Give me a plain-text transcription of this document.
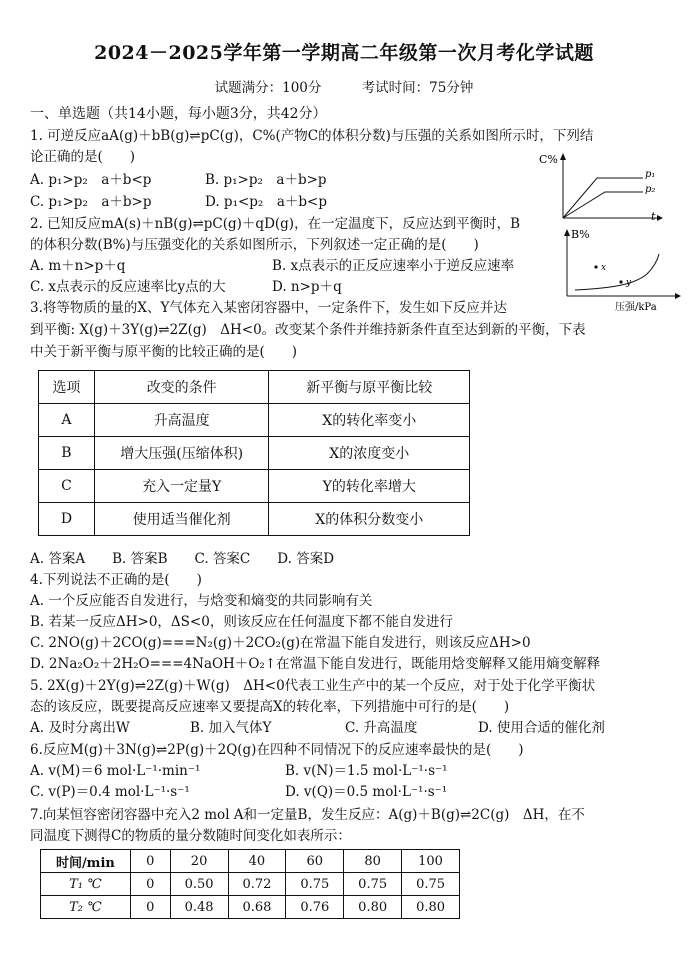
2024－2025学年第一学期高二年级第一次月考化学试题
试题满分：100分	考试时间：75分钟
一、单选题（共14小题，每小题3分，共42分）
1. 可逆反应aA(g)＋bB(g)⇌pC(g)，C%(产物C的体积分数)与压强的关系如图所示时，下列结
论正确的是(　　)
A. p₁>p₂　a＋b<p	B. p₁>p₂　a＋b>p
C. p₁>p₂　a＋b>p	D. p₁<p₂　a＋b<p
C%
t
p₁
p₂
2. 已知反应mA(s)＋nB(g)⇌pC(g)＋qD(g)，在一定温度下，反应达到平衡时，B
的体积分数(B%)与压强变化的关系如图所示，下列叙述一定正确的是(　　)
A. m＋n>p＋q	B. x点表示的正反应速率小于逆反应速率
C. x点表示的反应速率比y点的大	D. n>p＋q
B%
压强/kPa
x
y
3.将等物质的量的X、Y气体充入某密闭容器中，一定条件下，发生如下反应并达
到平衡: X(g)＋3Y(g)⇌2Z(g)　ΔH<0。改变某个条件并维持新条件直至达到新的平衡，下表
中关于新平衡与原平衡的比较正确的是(　　)
选项	改变的条件	新平衡与原平衡比较
A	升高温度	X的转化率变小
B	增大压强(压缩体积)	X的浓度变小
C	充入一定量Y	Y的转化率增大
D	使用适当催化剂	X的体积分数变小
A. 答案A　　B. 答案B　　C. 答案C　　D. 答案D
4.下列说法不正确的是(　　)
A. 一个反应能否自发进行，与焓变和熵变的共同影响有关
B. 若某一反应ΔH>0，ΔS<0，则该反应在任何温度下都不能自发进行
C. 2NO(g)＋2CO(g)===N₂(g)＋2CO₂(g)在常温下能自发进行，则该反应ΔH>0
D. 2Na₂O₂＋2H₂O===4NaOH＋O₂↑在常温下能自发进行，既能用焓变解释又能用熵变解释
5. 2X(g)＋2Y(g)⇌2Z(g)＋W(g)　ΔH<0代表工业生产中的某一个反应，对于处于化学平衡状
态的该反应，既要提高反应速率又要提高X的转化率，下列措施中可行的是(　　)
A. 及时分离出W	B. 加入气体Y	C. 升高温度	D. 使用合适的催化剂
6.反应M(g)＋3N(g)⇌2P(g)＋2Q(g)在四种不同情况下的反应速率最快的是(　　)
A. v(M)＝6 mol·L⁻¹·min⁻¹	B. v(N)＝1.5 mol·L⁻¹·s⁻¹
C. v(P)＝0.4 mol·L⁻¹·s⁻¹	D. v(Q)＝0.5 mol·L⁻¹·s⁻¹
7.向某恒容密闭容器中充入2 mol A和一定量B，发生反应：A(g)＋B(g)⇌2C(g)　ΔH，在不
同温度下测得C的物质的量分数随时间变化如表所示：
时间/min	0	20	40	60	80	100
T₁ ℃	0	0.50	0.72	0.75	0.75	0.75
T₂ ℃	0	0.48	0.68	0.76	0.80	0.80
